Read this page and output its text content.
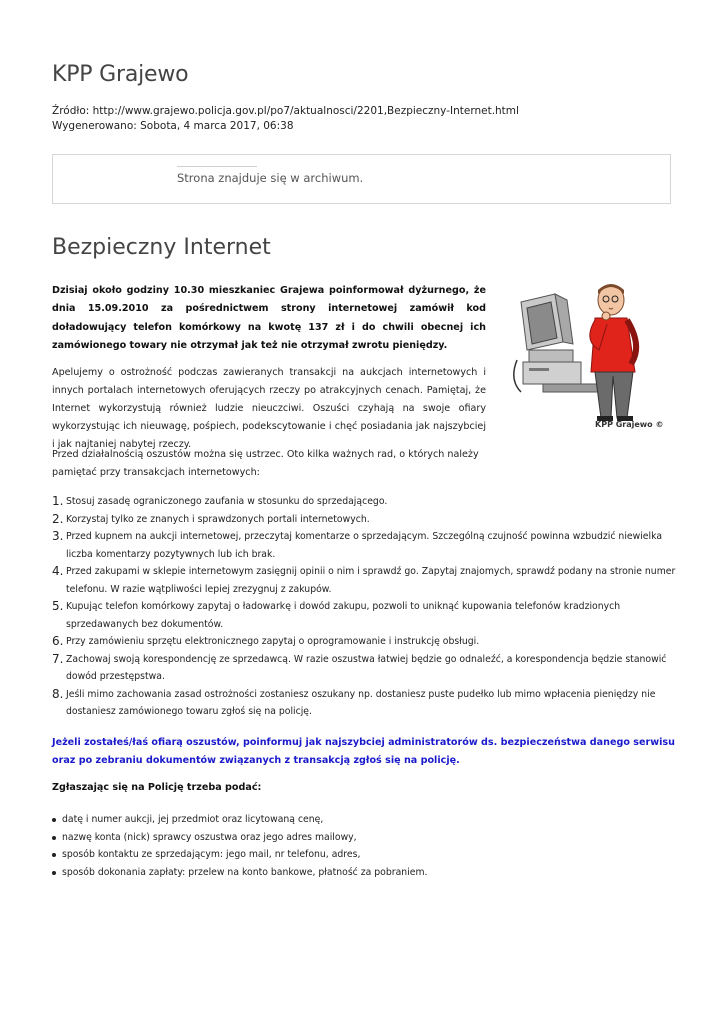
KPP Grajewo
Źródło: http://www.grajewo.policja.gov.pl/po7/aktualnosci/2201,Bezpieczny-Internet.html
Wygenerowano: Sobota, 4 marca 2017, 06:38
Strona znajduje się w archiwum.
Bezpieczny Internet

Dzisiaj około godziny 10.30 mieszkaniec Grajewa poinformował dyżurnego, że dnia 15.09.2010 za pośrednictwem strony internetowej zamówił kod doładowujący telefon komórkowy na kwotę 137 zł i do chwili obecnej ich zamówionego towary nie otrzymał jak też nie otrzymał zwrotu pieniędzy.

Apelujemy o ostrożność podczas zawieranych transakcji na aukcjach internetowych i innych portalach internetowych oferujących rzeczy po atrakcyjnych cenach. Pamiętaj, że Internet wykorzystują również ludzie nieuczciwi. Oszuści czyhają na swoje ofiary wykorzystując ich nieuwagę, pośpiech, podekscytowanie i chęć posiadania jak najszybciej i jak najtaniej nabytej rzeczy.

Przed działalnością oszustów można się ustrzec. Oto kilka ważnych rad, o których należy pamiętać przy transakcjach internetowych:

KPP Grajewo ©
1. Stosuj zasadę ograniczonego zaufania w stosunku do sprzedającego.
2. Korzystaj tylko ze znanych i sprawdzonych portali internetowych.
3. Przed kupnem na aukcji internetowej, przeczytaj komentarze o sprzedającym. Szczególną czujność powinna wzbudzić niewielka liczba komentarzy pozytywnych lub ich brak.
4. Przed zakupami w sklepie internetowym zasięgnij opinii o nim i sprawdź go. Zapytaj znajomych, sprawdź podany na stronie numer telefonu. W razie wątpliwości lepiej zrezygnuj z zakupów.
5. Kupując telefon komórkowy zapytaj o ładowarkę i dowód zakupu, pozwoli to uniknąć kupowania telefonów kradzionych sprzedawanych bez dokumentów.
6. Przy zamówieniu sprzętu elektronicznego zapytaj o oprogramowanie i instrukcję obsługi.
7. Zachowaj swoją korespondencję ze sprzedawcą. W razie oszustwa łatwiej będzie go odnaleźć, a korespondencja będzie stanowić dowód przestępstwa.
8. Jeśli mimo zachowania zasad ostrożności zostaniesz oszukany np. dostaniesz puste pudełko lub mimo wpłacenia pieniędzy nie dostaniesz zamówionego towaru zgłoś się na policję.

Jeżeli zostałeś/łaś ofiarą oszustów, poinformuj jak najszybciej administratorów ds. bezpieczeństwa danego serwisu oraz po zebraniu dokumentów związanych z transakcją zgłoś się na policję.

Zgłaszając się na Policję trzeba podać:

datę i numer aukcji, jej przedmiot oraz licytowaną cenę,
nazwę konta (nick) sprawcy oszustwa oraz jego adres mailowy,
sposób kontaktu ze sprzedającym: jego mail, nr telefonu, adres,
sposób dokonania zapłaty: przelew na konto bankowe, płatność za pobraniem.
